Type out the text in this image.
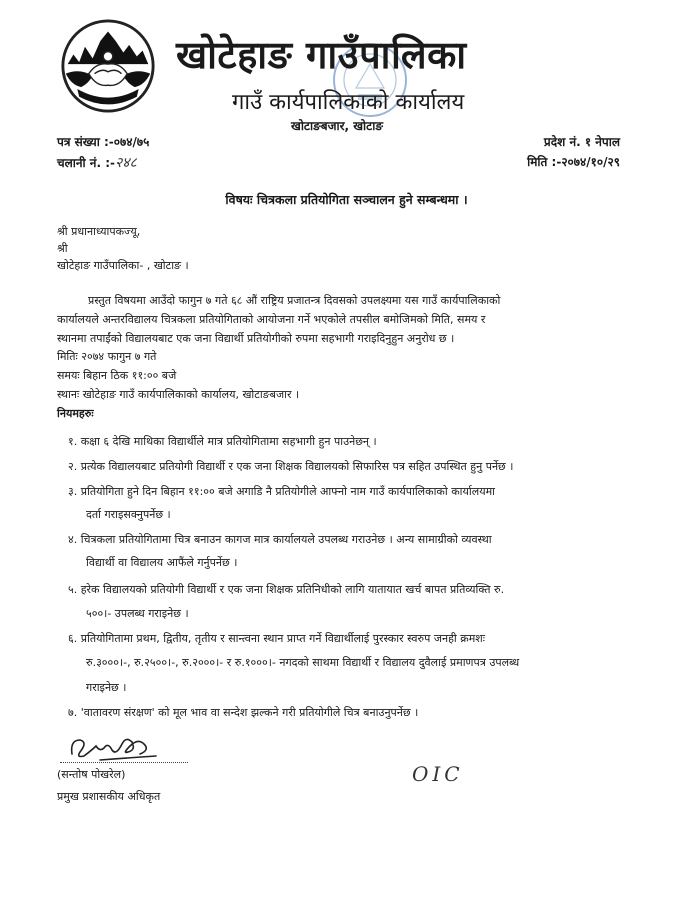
खोटेहाङ गाउँपालिका
गाउँ कार्यपालिकाको कार्यालय
खोटाङबजार, खोटाङ
पत्र संख्या :-०७४/७५
चलानी नं. :-२४८
प्रदेश नं. १ नेपाल
मिति :-२०७४/१०/२९
विषयः चित्रकला प्रतियोगिता सञ्चालन हुने सम्बन्धमा ।
श्री प्रधानाध्यापकज्यू,
श्री
खोटेहाङ गाउँपालिका- , खोटाङ ।
प्रस्तुत विषयमा आउँदो फागुन ७ गते ६८ औं राष्ट्रिय प्रजातन्त्र दिवसको उपलक्ष्यमा यस गाउँ कार्यपालिकाको
कार्यालयले अन्तरविद्यालय चित्रकला प्रतियोगिताको आयोजना गर्ने भएकोले तपसील बमोजिमको मिति, समय र
स्थानमा तपाईंको विद्यालयबाट एक जना विद्यार्थी प्रतियोगीको रुपमा सहभागी गराइदिनुहुन अनुरोध छ ।
मितिः २०७४ फागुन ७ गते
समयः बिहान ठिक ११:०० बजे
स्थानः खोटेहाङ गाउँ कार्यपालिकाको कार्यालय, खोटाङबजार ।
नियमहरुः
१. कक्षा ६ देखि माथिका विद्यार्थीले मात्र प्रतियोगितामा सहभागी हुन पाउनेछन् ।
२. प्रत्येक विद्यालयबाट प्रतियोगी विद्यार्थी र एक जना शिक्षक विद्यालयको सिफारिस पत्र सहित उपस्थित हुनु पर्नेछ ।
३. प्रतियोगिता हुने दिन बिहान ११:०० बजे अगाडि नै प्रतियोगीले आफ्नो नाम गाउँ कार्यपालिकाको कार्यालयमा
दर्ता गराइसक्नुपर्नेछ ।
४. चित्रकला प्रतियोगितामा चित्र बनाउन कागज मात्र कार्यालयले उपलब्ध गराउनेछ । अन्य सामाग्रीको व्यवस्था
विद्यार्थी वा विद्यालय आफैंले गर्नुपर्नेछ ।
५. हरेक विद्यालयको प्रतियोगी विद्यार्थी र एक जना शिक्षक प्रतिनिधीको लागि यातायात खर्च बापत प्रतिव्यक्ति रु.
५००।- उपलब्ध गराइनेछ ।
६. प्रतियोगितामा प्रथम, द्वितीय, तृतीय र सान्त्वना स्थान प्राप्त गर्ने विद्यार्थीलाई पुरस्कार स्वरुप जनही क्रमशः
रु.३०००।-, रु.२५००।-, रु.२०००।- र रु.१०००।- नगदको साथमा विद्यार्थी र विद्यालय दुवैलाई प्रमाणपत्र उपलब्ध
गराइनेछ ।
७. 'वातावरण संरक्षण' को मूल भाव वा सन्देश झल्कने गरी प्रतियोगीले चित्र बनाउनुपर्नेछ ।
(सन्तोष पोखरेल)
प्रमुख प्रशासकीय अधिकृत
OIC
